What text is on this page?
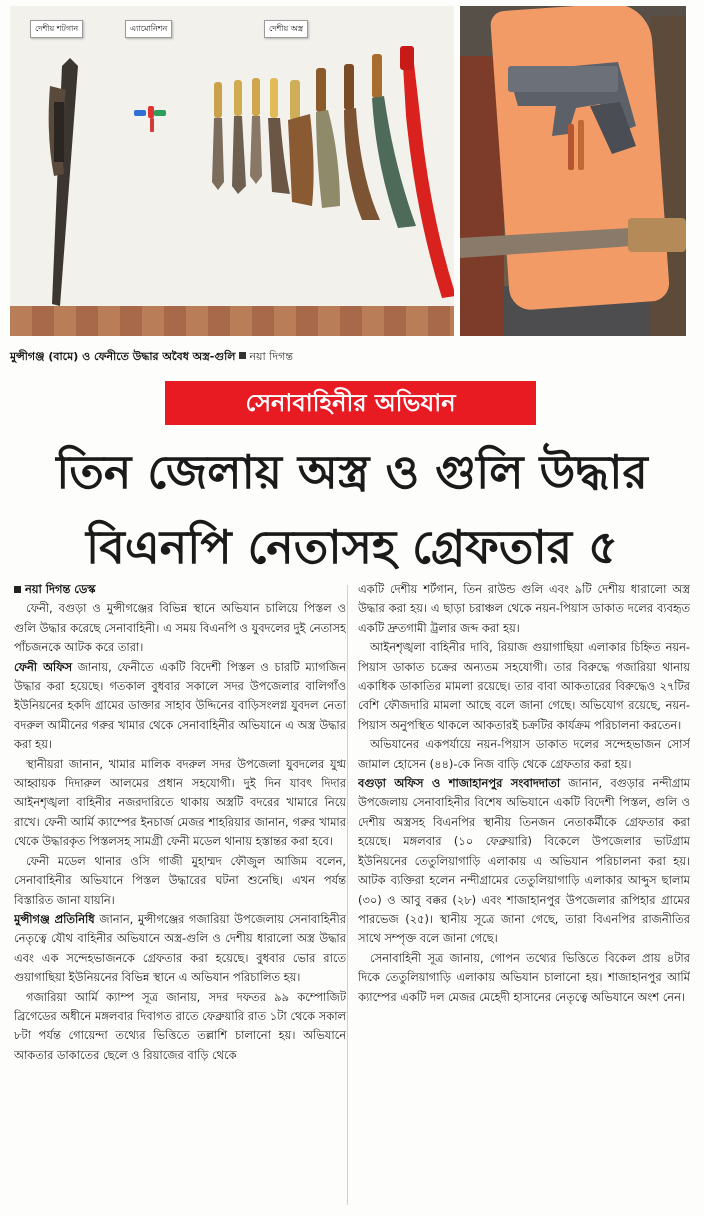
দেশীয় শটগান	এ্যামোনিশন	দেশীয় অস্ত্র
মুন্সীগঞ্জ (বামে) ও ফেনীতে উদ্ধার অবৈধ অস্ত্র-গুলি নয়া দিগন্ত
সেনাবাহিনীর অভিযান
তিন জেলায় অস্ত্র ও গুলি উদ্ধার
বিএনপি নেতাসহ গ্রেফতার ৫

নয়া দিগন্ত ডেস্ক

ফেনী, বগুড়া ও মুন্সীগঞ্জের বিভিন্ন স্থানে অভিযান চালিয়ে পিস্তল ও গুলি উদ্ধার করেছে সেনাবাহিনী। এ সময় বিএনপি ও যুবদলের দুই নেতাসহ পাঁচজনকে আটক করে তারা।

ফেনী অফিস জানায়, ফেনীতে একটি বিদেশী পিস্তল ও চারটি ম্যাগজিন উদ্ধার করা হয়েছে। গতকাল বুধবার সকালে সদর উপজেলার বালিগাঁও ইউনিয়নের হকদি গ্রামের ডাক্তার সাহাব উদ্দিনের বাড়িসংলগ্ন যুবদল নেতা বদরুল আমীনের গরুর খামার থেকে সেনাবাহিনীর অভিযানে এ অস্ত্র উদ্ধার করা হয়।

স্থানীয়রা জানান, খামার মালিক বদরুল সদর উপজেলা যুবদলের যুগ্ম আহ্বায়ক দিদারুল আলমের প্রধান সহযোগী। দুই দিন যাবৎ দিদার আইনশৃঙ্খলা বাহিনীর নজরদারিতে থাকায় অস্ত্রটি বদরের খামারে নিয়ে রাখে। ফেনী আর্মি ক্যাম্পের ইনচার্জ মেজর শাহরিয়ার জানান, গরুর খামার থেকে উদ্ধারকৃত পিস্তলসহ সামগ্রী ফেনী মডেল থানায় হস্তান্তর করা হবে।

ফেনী মডেল থানার ওসি গাজী মুহাম্মদ ফৌজুল আজিম বলেন, সেনাবাহিনীর অভিযানে পিস্তল উদ্ধারের ঘটনা শুনেছি। এখন পর্যন্ত বিস্তারিত জানা যায়নি।

মুন্সীগঞ্জ প্রতিনিধি জানান, মুন্সীগঞ্জের গজারিয়া উপজেলায় সেনাবাহিনীর নেতৃত্বে যৌথ বাহিনীর অভিযানে অস্ত্র-গুলি ও দেশীয় ধারালো অস্ত্র উদ্ধার এবং এক সন্দেহভাজনকে গ্রেফতার করা হয়েছে। বুধবার ভোর রাতে গুয়াগাছিয়া ইউনিয়নের বিভিন্ন স্থানে এ অভিযান পরিচালিত হয়।

গজারিয়া আর্মি ক্যাম্প সূত্র জানায়, সদর দফতর ৯৯ কম্পোজিট ব্রিগেডের অধীনে মঙ্গলবার দিবাগত রাতে ফেব্রুয়ারি রাত ১টা থেকে সকাল ৮টা পর্যন্ত গোয়েন্দা তথ্যের ভিত্তিতে তল্লাশি চালানো হয়। অভিযানে আকতার ডাকাতের ছেলে ও রিয়াজের বাড়ি থেকে

একটি দেশীয় শর্টগান, তিন রাউন্ড গুলি এবং ৯টি দেশীয় ধারালো অস্ত্র উদ্ধার করা হয়। এ ছাড়া চরাঞ্চল থেকে নয়ন-পিয়াস ডাকাত দলের ব্যবহৃত একটি দ্রুতগামী ট্রলার জব্দ করা হয়।

আইনশৃঙ্খলা বাহিনীর দাবি, রিয়াজ গুয়াগাছিয়া এলাকার চিহ্নিত নয়ন-পিয়াস ডাকাত চক্রের অন্যতম সহযোগী। তার বিরুদ্ধে গজারিয়া থানায় একাধিক ডাকাতির মামলা রয়েছে। তার বাবা আকতারের বিরুদ্ধেও ২৭টির বেশি ফৌজদারি মামলা আছে বলে জানা গেছে। অভিযোগ রয়েছে, নয়ন-পিয়াস অনুপস্থিত থাকলে আকতারই চক্রটির কার্যক্রম পরিচালনা করতেন।

অভিযানের একপর্যায়ে নয়ন-পিয়াস ডাকাত দলের সন্দেহভাজন সোর্স জামাল হোসেন (৪৪)-কে নিজ বাড়ি থেকে গ্রেফতার করা হয়।

বগুড়া অফিস ও শাজাহানপুর সংবাদদাতা জানান, বগুড়ার নন্দীগ্রাম উপজেলায় সেনাবাহিনীর বিশেষ অভিযানে একটি বিদেশী পিস্তল, গুলি ও দেশীয় অস্ত্রসহ বিএনপির স্থানীয় তিনজন নেতাকর্মীকে গ্রেফতার করা হয়েছে। মঙ্গলবার (১০ ফেব্রুয়ারি) বিকেলে উপজেলার ভাটগ্রাম ইউনিয়নের তেতুলিয়াগাড়ি এলাকায় এ অভিযান পরিচালনা করা হয়। আটক ব্যক্তিরা হলেন নন্দীগ্রামের তেতুলিয়াগাড়ি এলাকার আব্দুস ছালাম (৩০) ও আবু বক্কর (২৮) এবং শাজাহানপুর উপজেলার রূপিহার গ্রামের পারভেজ (২৫)। স্থানীয় সূত্রে জানা গেছে, তারা বিএনপির রাজনীতির সাথে সম্পৃক্ত বলে জানা গেছে।

সেনাবাহিনী সূত্র জানায়, গোপন তথ্যের ভিত্তিতে বিকেল প্রায় ৪টার দিকে তেতুলিয়াগাড়ি এলাকায় অভিযান চালানো হয়। শাজাহানপুর আর্মি ক্যাম্পের একটি দল মেজর মেহেদী হাসানের নেতৃত্বে অভিযানে অংশ নেন।
